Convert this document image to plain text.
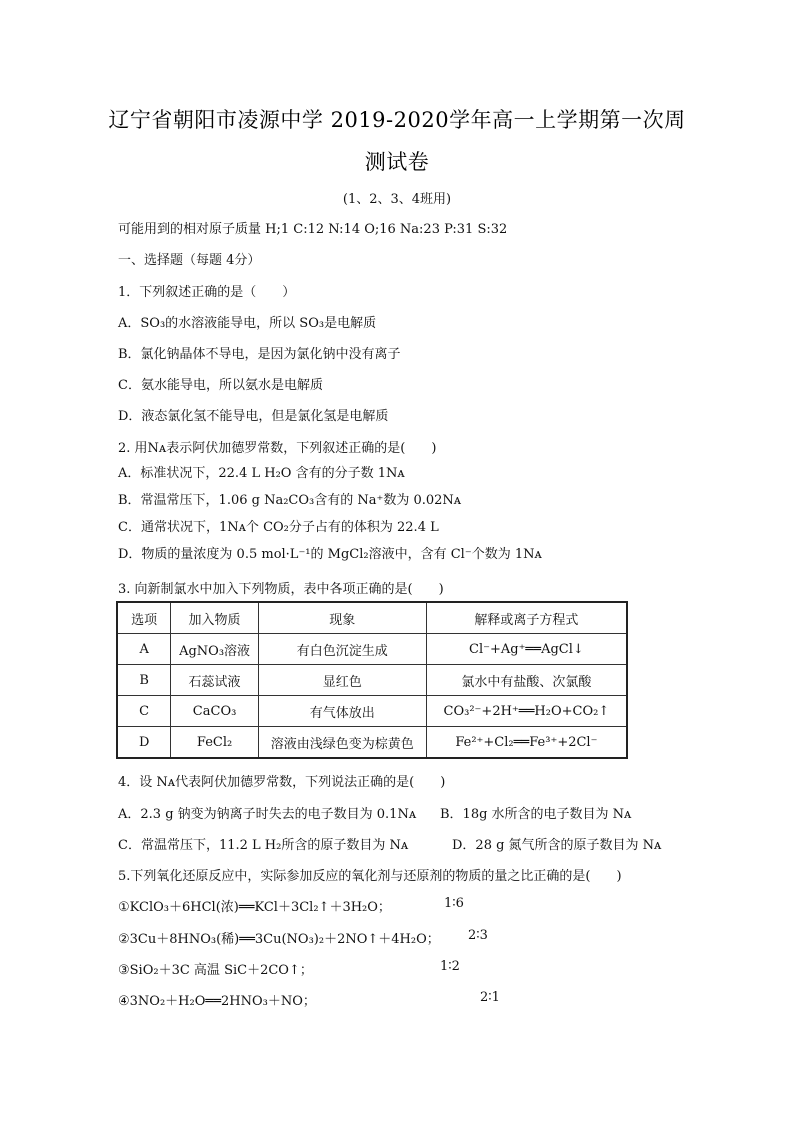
辽宁省朝阳市凌源中学 2019-2020学年高一上学期第一次周
测试卷
(1、2、3、4班用)
可能用到的相对原子质量 H;1 C:12 N:14 O;16 Na:23 P:31 S:32
一、选择题（每题 4分）
1．下列叙述正确的是（　　）
A．SO₃的水溶液能导电，所以 SO₃是电解质
B．氯化钠晶体不导电，是因为氯化钠中没有离子
C．氨水能导电，所以氨水是电解质
D．液态氯化氢不能导电，但是氯化氢是电解质
2. 用Nᴀ表示阿伏加德罗常数，下列叙述正确的是(　　)
A．标准状况下，22.4 L H₂O 含有的分子数 1Nᴀ
B．常温常压下，1.06 g Na₂CO₃含有的 Na⁺数为 0.02Nᴀ
C．通常状况下，1Nᴀ个 CO₂分子占有的体积为 22.4 L
D．物质的量浓度为 0.5 mol·L⁻¹的 MgCl₂溶液中，含有 Cl⁻个数为 1Nᴀ
3. 向新制氯水中加入下列物质，表中各项正确的是(　　)
选项	加入物质	现象	解释或离子方程式
A	AgNO₃溶液	有白色沉淀生成	Cl⁻+Ag⁺══AgCl↓
B	石蕊试液	显红色	氯水中有盐酸、次氯酸
C	CaCO₃	有气体放出	CO₃²⁻+2H⁺══H₂O+CO₂↑
D	FeCl₂	溶液由浅绿色变为棕黄色	Fe²⁺+Cl₂══Fe³⁺+2Cl⁻
4．设 Nᴀ代表阿伏加德罗常数，下列说法正确的是(　　)
A．2.3 g 钠变为钠离子时失去的电子数目为 0.1Nᴀ B．18g 水所含的电子数目为 Nᴀ
C．常温常压下，11.2 L H₂所含的原子数目为 Nᴀ	D．28 g 氮气所含的原子数目为 Nᴀ
5.下列氧化还原反应中，实际参加反应的氧化剂与还原剂的物质的量之比正确的是(　　)
①KClO₃＋6HCl(浓)══KCl＋3Cl₂↑＋3H₂O；	1∶6
②3Cu＋8HNO₃(稀)══3Cu(NO₃)₂＋2NO↑＋4H₂O； 2∶3
③SiO₂＋3C 高温 SiC＋2CO↑；	1∶2
④3NO₂＋H₂O══2HNO₃＋NO；	2∶1
